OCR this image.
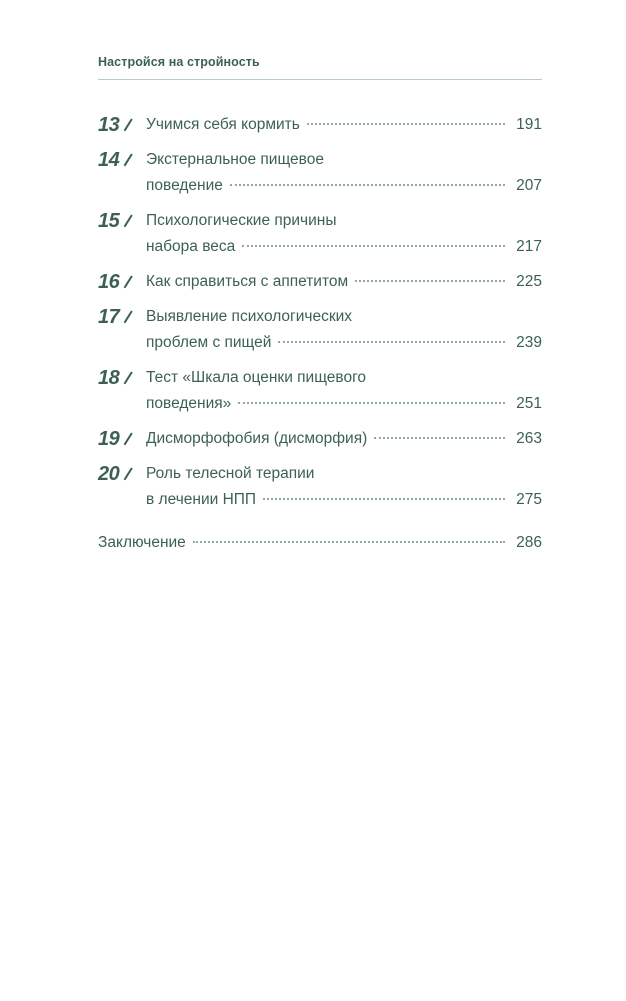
Настройся на стройность
13	Учимся себя кормить	191
14	Экстернальное пищевое
поведение	207
15	Психологические причины
набора веса	217
16	Как справиться с аппетитом	225
17	Выявление психологических
проблем с пищей	239
18	Тест «Шкала оценки пищевого
поведения»	251
19	Дисморфофобия (дисморфия)	263
20	Роль телесной терапии
в лечении НПП	275
Заключение	286
